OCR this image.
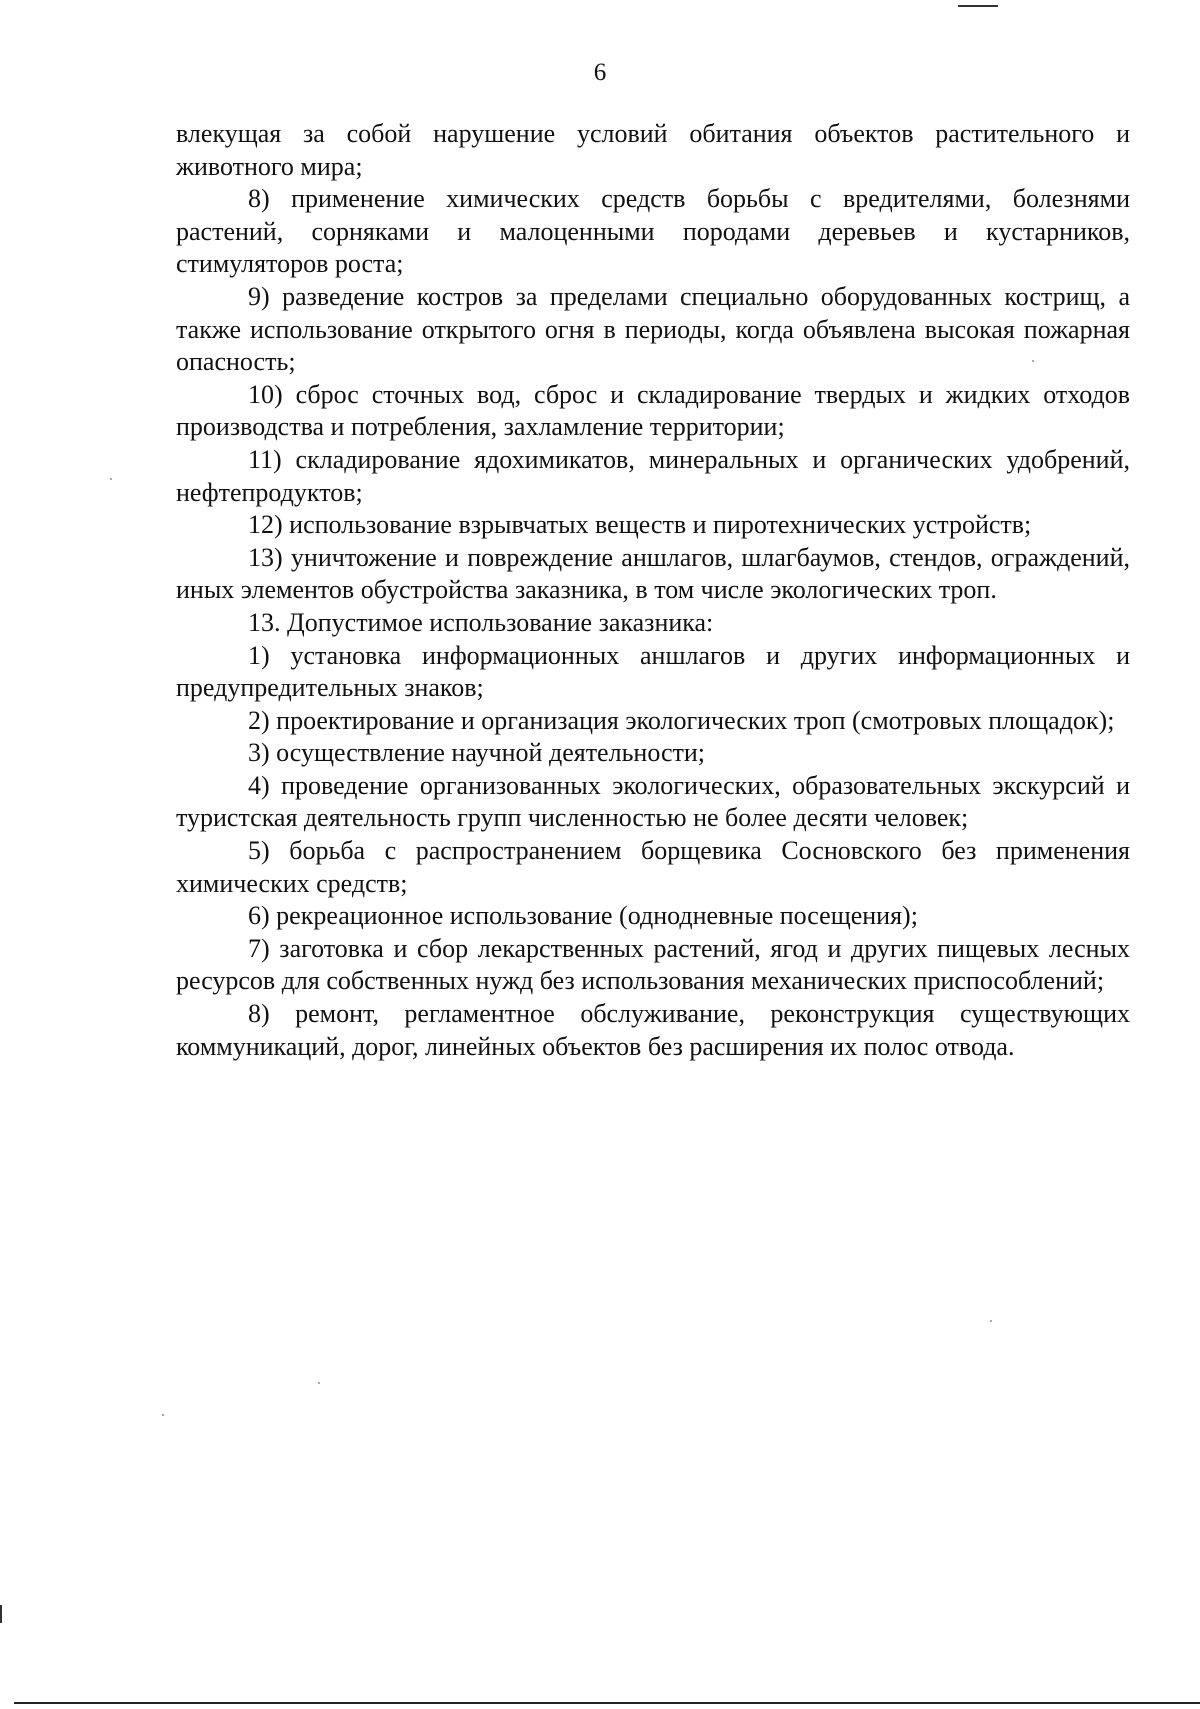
6

влекущая за собой нарушение условий обитания объектов растительного и животного мира;

8) применение химических средств борьбы с вредителями, болезнями растений, сорняками и малоценными породами деревьев и кустарников, стимуляторов роста;

9) разведение костров за пределами специально оборудованных кострищ, а также использование открытого огня в периоды, когда объявлена высокая пожарная опасность;

10) сброс сточных вод, сброс и складирование твердых и жидких отходов производства и потребления, захламление территории;

11) складирование ядохимикатов, минеральных и органических удобрений, нефтепродуктов;

12) использование взрывчатых веществ и пиротехнических устройств;

13) уничтожение и повреждение аншлагов, шлагбаумов, стендов, ограждений, иных элементов обустройства заказника, в том числе экологических троп.

13. Допустимое использование заказника:

1) установка информационных аншлагов и других информационных и предупредительных знаков;

2) проектирование и организация экологических троп (смотровых площадок);

3) осуществление научной деятельности;

4) проведение организованных экологических, образовательных экскурсий и туристская деятельность групп численностью не более десяти человек;

5) борьба с распространением борщевика Сосновского без применения химических средств;

6) рекреационное использование (однодневные посещения);

7) заготовка и сбор лекарственных растений, ягод и других пищевых лесных ресурсов для собственных нужд без использования механических приспособлений;

8) ремонт, регламентное обслуживание, реконструкция существующих коммуникаций, дорог, линейных объектов без расширения их полос отвода.
